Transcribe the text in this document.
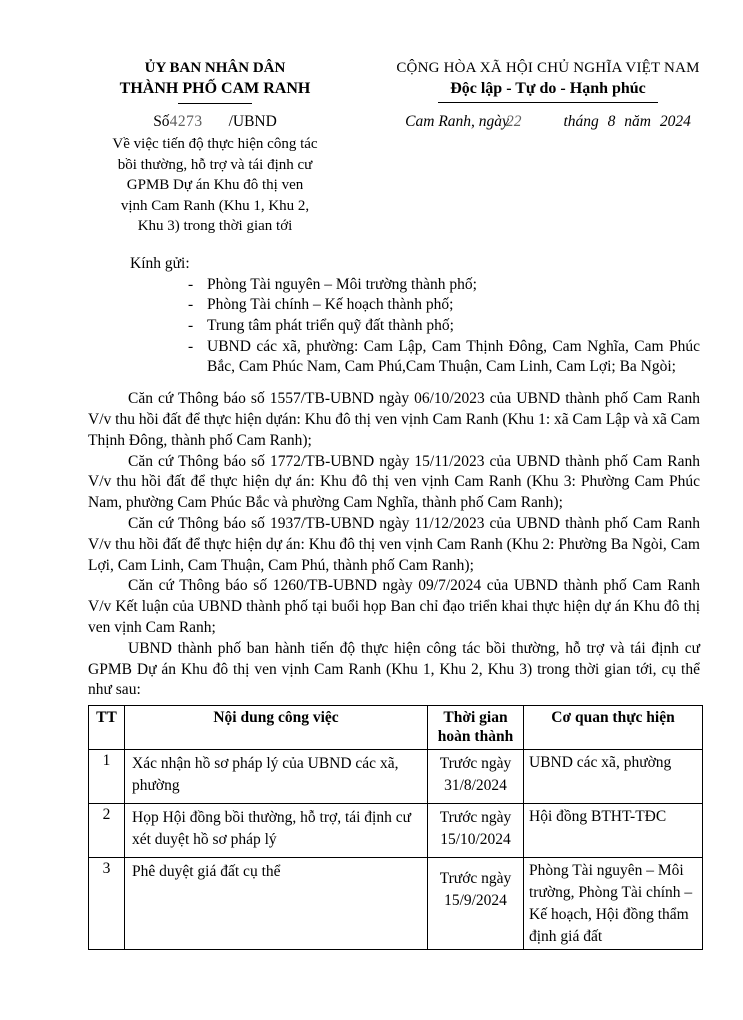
ỦY BAN NHÂN DÂN
THÀNH PHỐ CAM RANH
Số4273 /UBND
Về việc tiến độ thực hiện công tác
bồi thường, hỗ trợ và tái định cư
GPMB Dự án Khu đô thị ven
vịnh Cam Ranh (Khu 1, Khu 2,
Khu 3) trong thời gian tới
CỘNG HÒA XÃ HỘI CHỦ NGHĨA VIỆT NAM
Độc lập - Tự do - Hạnh phúc
Cam Ranh, ngày22	tháng 8 năm 2024
Kính gửi:
- Phòng Tài nguyên – Môi trường thành phố;
- Phòng Tài chính – Kế hoạch thành phố;
- Trung tâm phát triển quỹ đất thành phố;
- UBND các xã, phường: Cam Lập, Cam Thịnh Đông, Cam Nghĩa, Cam Phúc Bắc, Cam Phúc Nam, Cam Phú,Cam Thuận, Cam Linh, Cam Lợi; Ba Ngòi;
Căn cứ Thông báo số 1557/TB-UBND ngày 06/10/2023 của UBND thành phố Cam Ranh V/v thu hồi đất để thực hiện dựán: Khu đô thị ven vịnh Cam Ranh (Khu 1: xã Cam Lập và xã Cam Thịnh Đông, thành phố Cam Ranh);
Căn cứ Thông báo số 1772/TB-UBND ngày 15/11/2023 của UBND thành phố Cam Ranh V/v thu hồi đất để thực hiện dự án: Khu đô thị ven vịnh Cam Ranh (Khu 3: Phường Cam Phúc Nam, phường Cam Phúc Bắc và phường Cam Nghĩa, thành phố Cam Ranh);
Căn cứ Thông báo số 1937/TB-UBND ngày 11/12/2023 của UBND thành phố Cam Ranh V/v thu hồi đất để thực hiện dự án: Khu đô thị ven vịnh Cam Ranh (Khu 2: Phường Ba Ngòi, Cam Lợi, Cam Linh, Cam Thuận, Cam Phú, thành phố Cam Ranh);
Căn cứ Thông báo số 1260/TB-UBND ngày 09/7/2024 của UBND thành phố Cam Ranh V/v Kết luận của UBND thành phố tại buổi họp Ban chỉ đạo triển khai thực hiện dự án Khu đô thị ven vịnh Cam Ranh;
UBND thành phố ban hành tiến độ thực hiện công tác bồi thường, hỗ trợ và tái định cư GPMB Dự án Khu đô thị ven vịnh Cam Ranh (Khu 1, Khu 2, Khu 3) trong thời gian tới, cụ thể như sau:
TT	Nội dung công việc	Thời gian hoàn thành	Cơ quan thực hiện
1	Xác nhận hồ sơ pháp lý của UBND các xã, phường	Trước ngày 31/8/2024	UBND các xã, phường
2	Họp Hội đồng bồi thường, hỗ trợ, tái định cư xét duyệt hồ sơ pháp lý	Trước ngày 15/10/2024	Hội đồng BTHT-TĐC
3	Phê duyệt giá đất cụ thể	Trước ngày 15/9/2024	Phòng Tài nguyên – Môi trường, Phòng Tài chính – Kế hoạch, Hội đồng thẩm định giá đất
